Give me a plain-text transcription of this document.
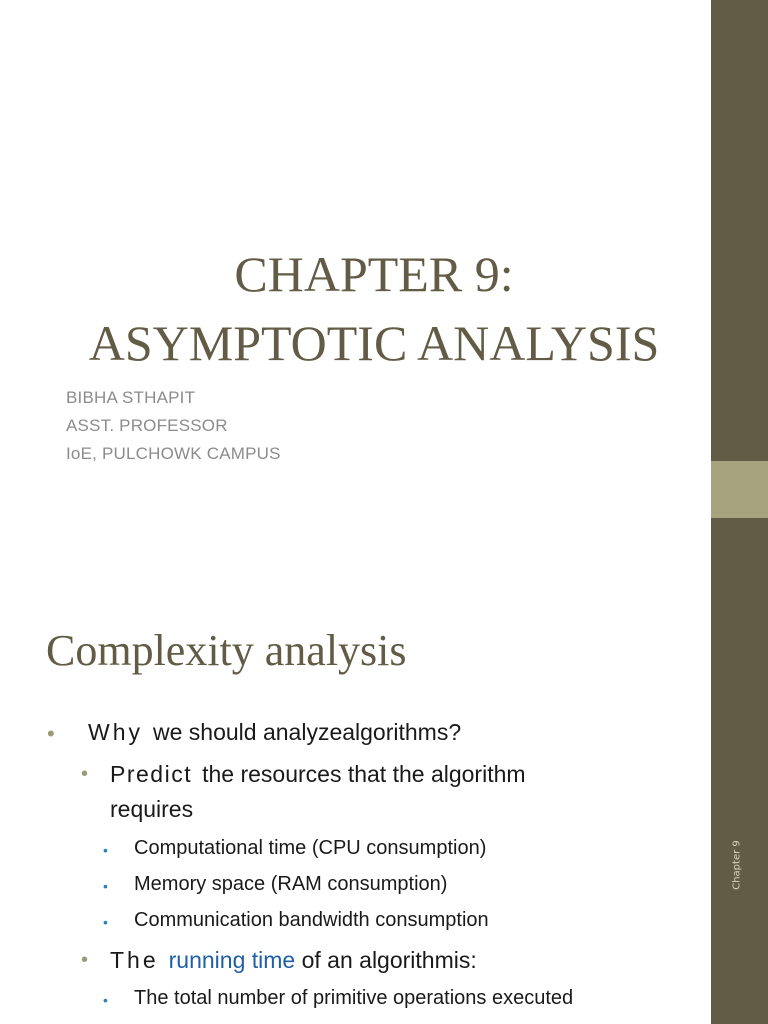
Chapter 9
CHAPTER 9:
ASYMPTOTIC ANALYSIS
BIBHA STHAPIT
ASST. PROFESSOR
IoE, PULCHOWK CAMPUS
Complexity analysis
• Why we should analyzealgorithms?
• Predict the resources that the algorithm
requires
• Computational time (CPU consumption)
• Memory space (RAM consumption)
• Communication bandwidth consumption
• The running time of an algorithmis:
• The total number of primitive operations executed
